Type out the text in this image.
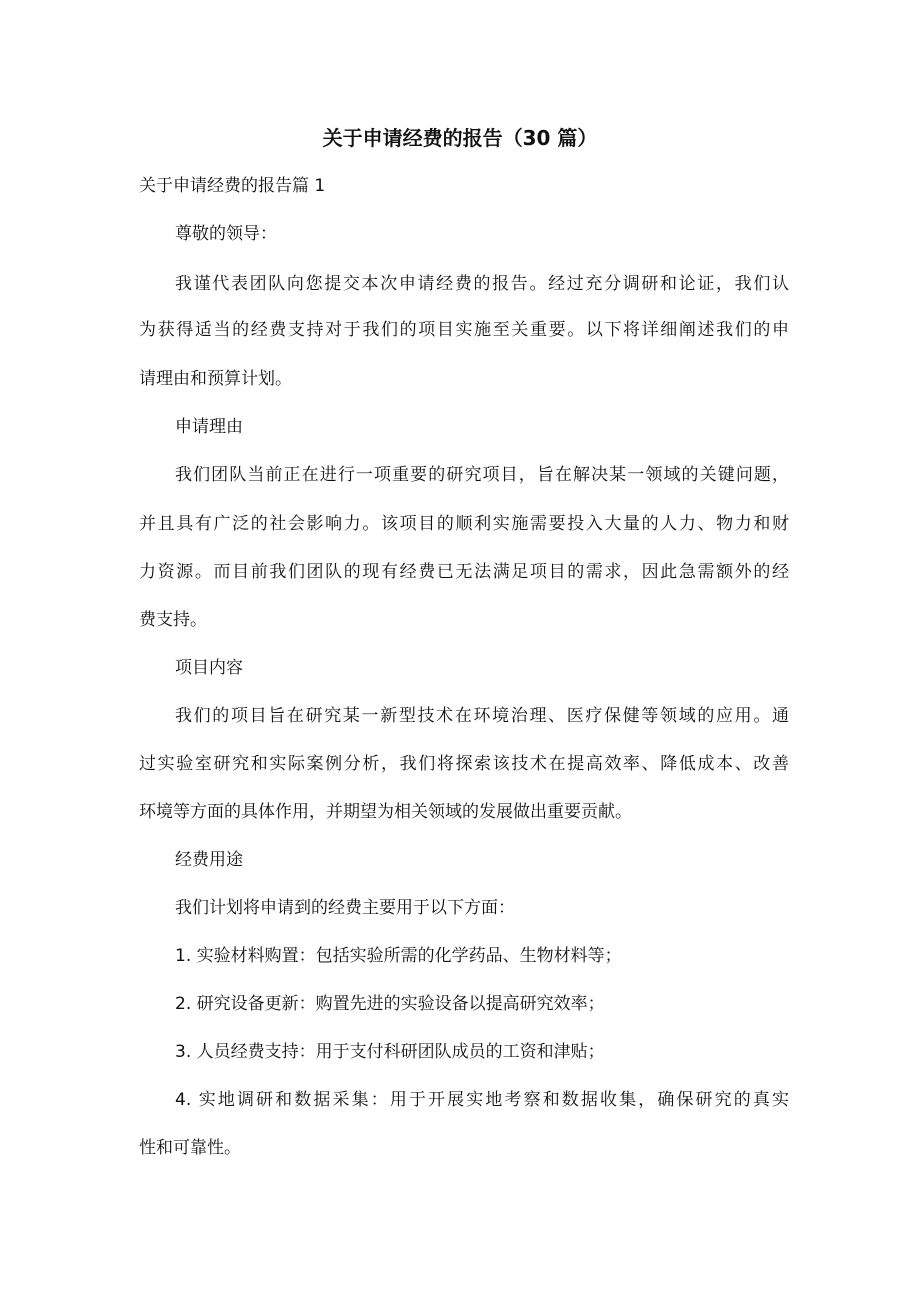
关于申请经费的报告（30 篇）

关于申请经费的报告篇 1

尊敬的领导：

我谨代表团队向您提交本次申请经费的报告。经过充分调研和论证，我们认

为获得适当的经费支持对于我们的项目实施至关重要。以下将详细阐述我们的申

请理由和预算计划。

申请理由

我们团队当前正在进行一项重要的研究项目，旨在解决某一领域的关键问题，

并且具有广泛的社会影响力。该项目的顺利实施需要投入大量的人力、物力和财

力资源。而目前我们团队的现有经费已无法满足项目的需求，因此急需额外的经

费支持。

项目内容

我们的项目旨在研究某一新型技术在环境治理、医疗保健等领域的应用。通

过实验室研究和实际案例分析，我们将探索该技术在提高效率、降低成本、改善

环境等方面的具体作用，并期望为相关领域的发展做出重要贡献。

经费用途

我们计划将申请到的经费主要用于以下方面：

1. 实验材料购置：包括实验所需的化学药品、生物材料等；

2. 研究设备更新：购置先进的实验设备以提高研究效率；

3. 人员经费支持：用于支付科研团队成员的工资和津贴；

4. 实地调研和数据采集：用于开展实地考察和数据收集，确保研究的真实

性和可靠性。
